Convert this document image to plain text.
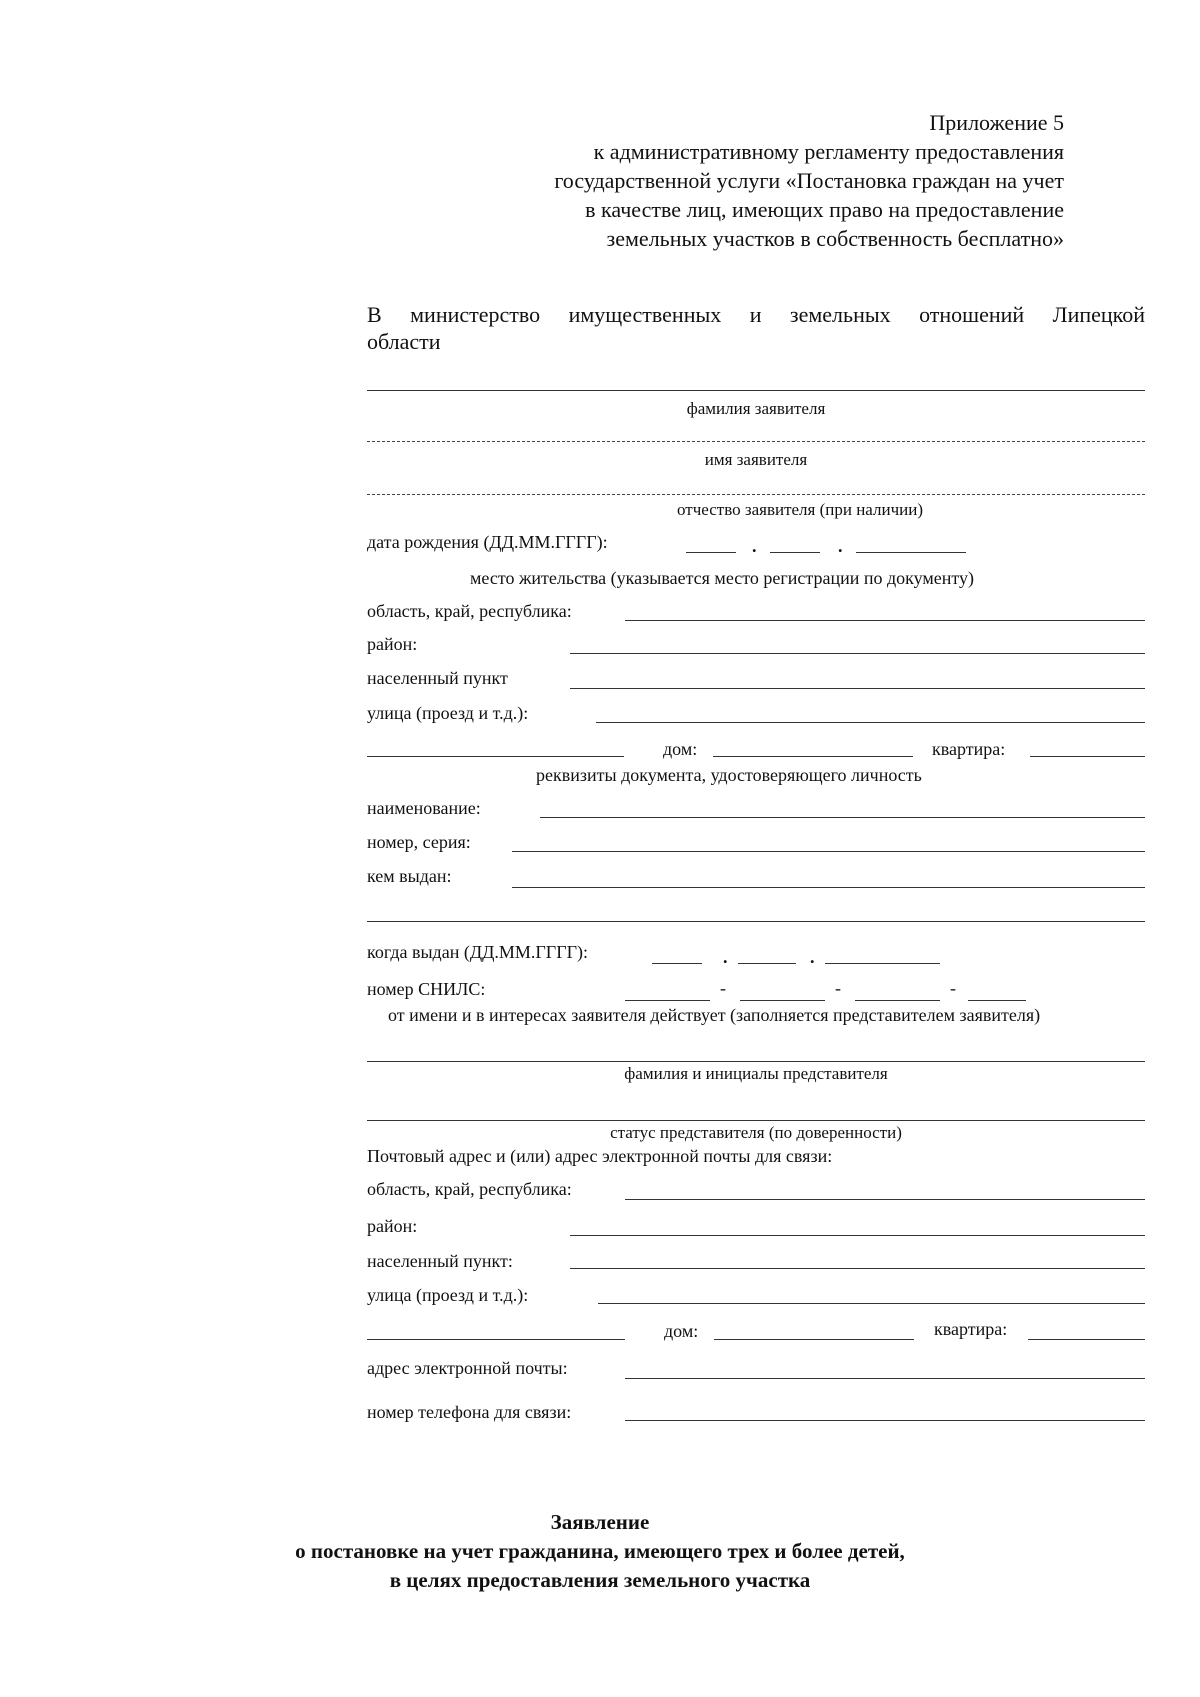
Приложение 5
к административному регламенту предоставления
государственной услуги «Постановка граждан на учет
в качестве лиц, имеющих право на предоставление
земельных участков в собственность бесплатно»
В министерство имущественных и земельных отношений Липецкой
области
фамилия заявителя
имя заявителя
отчество заявителя (при наличии)
дата рождения (ДД.ММ.ГГГГ):	.	.
место жительства (указывается место регистрации по документу)
область, край, республика:
район:
населенный пункт
улица (проезд и т.д.):
дом:	квартира:
реквизиты документа, удостоверяющего личность
наименование:
номер, серия:
кем выдан:
когда выдан (ДД.ММ.ГГГГ):	.	.
номер СНИЛС:	-	-	-
от имени и в интересах заявителя действует (заполняется представителем заявителя)
фамилия и инициалы представителя
статус представителя (по доверенности)
Почтовый адрес и (или) адрес электронной почты для связи:
область, край, республика:
район:
населенный пункт:
улица (проезд и т.д.):
дом:	квартира:
адрес электронной почты:
номер телефона для связи:
Заявление
о постановке на учет гражданина, имеющего трех и более детей,
в целях предоставления земельного участка
